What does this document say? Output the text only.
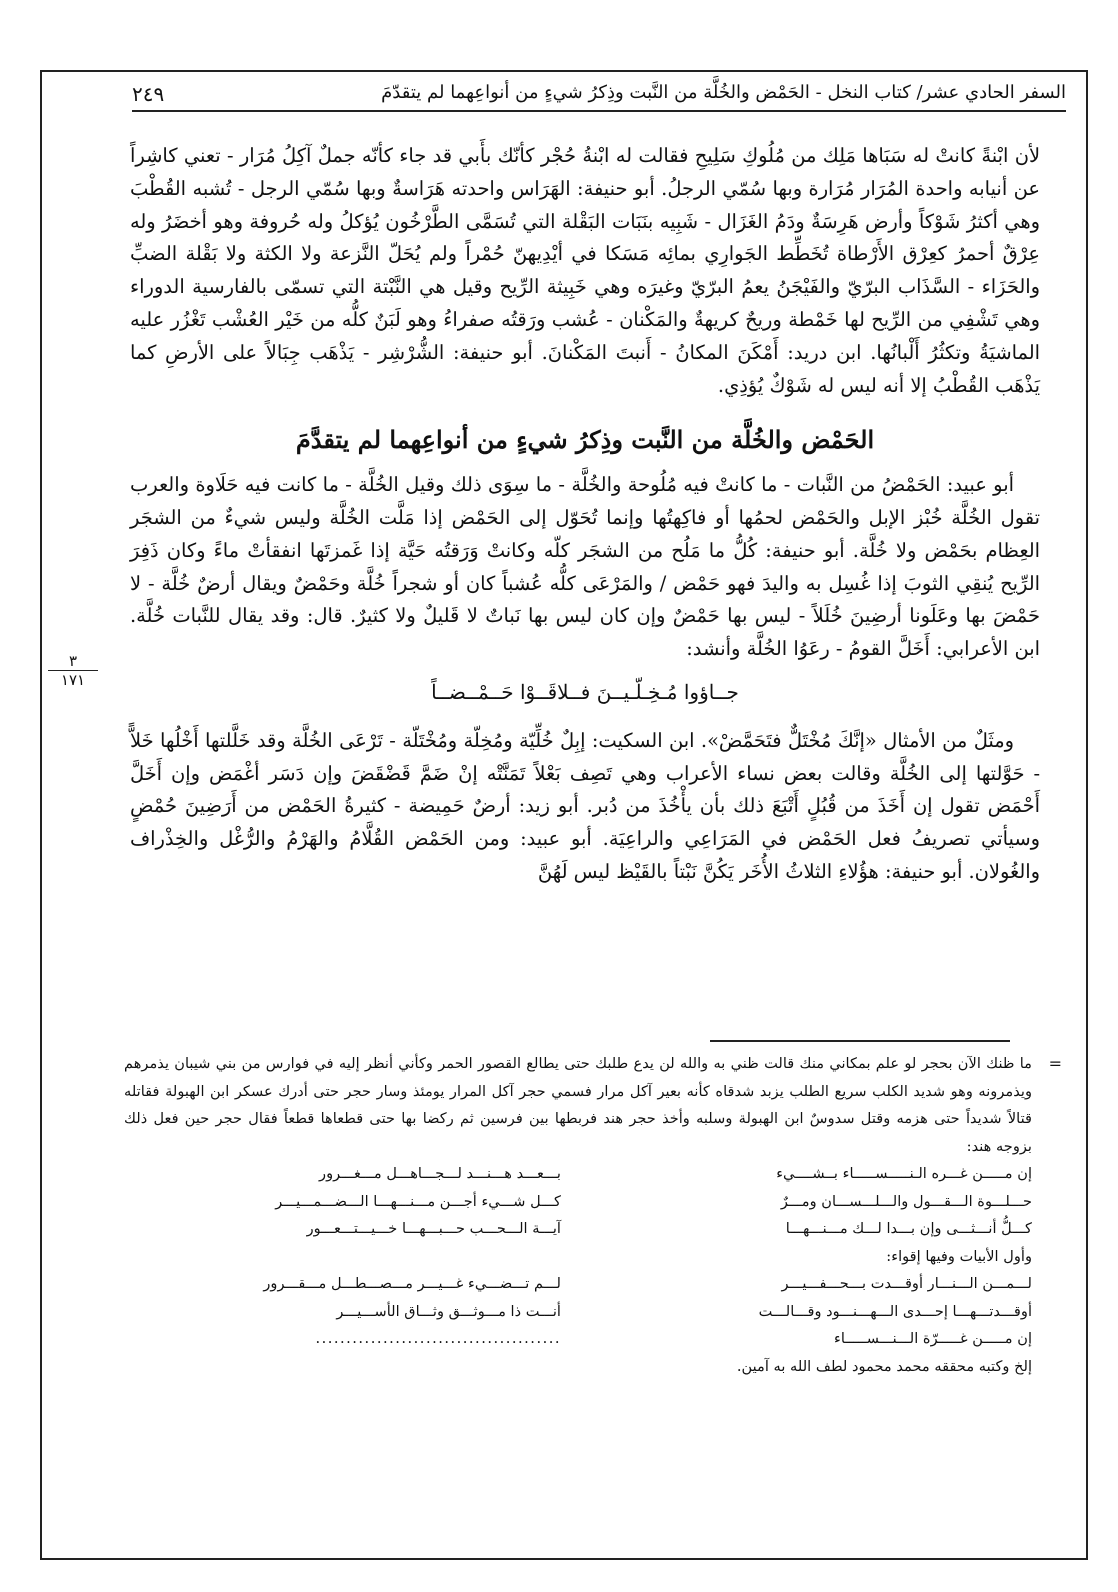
السفر الحادي عشر/ كتاب النخل - الحَمْض والخُلَّة من النَّبت وذِكرُ شيءٍ من أنواعِهما لم يتقدّمَ
٢٤٩
٣
١٧١

لأن ابْنةً كانتْ له سَبَاها مَلِك من مُلُوكِ سَلِيحِ فقالت له ابْنةُ حُجْر كأنّك بأَبي قد جاء كأنّه جملٌ آكِلُ مُرَار - تعني كاشِراً عن أنيابه واحدة المُرَار مُرَارة وبها سُمّي الرجلُ. أبو حنيفة: الهَرَاس واحدته هَرَاسةٌ وبها سُمّي الرجل - تُشبه القُطْبَ وهي أكثرُ شَوْكاً وأرض هَرِسَةٌ ودَمُ الغَزَال - شَبِيه بنَبَات البَقْلة التي تُسَمَّى الطَّرْخُون يُؤكلُ وله حُروفة وهو أخضَرُ وله عِرْقٌ أحمرُ كعِرْق الأَرْطاة تُخَطِّط الجَوارِي بمائِه مَسَكا في أيْدِيهنّ حُمْراً ولم يُحَلّ النَّزعة ولا الكثة ولا بَقْلة الضبِّ والحَزَاء - السَّذَاب البرّيّ والفَيْجَنُ يعمُ البرّيّ وغيرَه وهي خَبِيثة الرِّيح وقيل هي النَّبْتة التي تسمّى بالفارسية الدوراء وهي تَشْفِي من الرِّيح لها خَمْطة وريحٌ كريهةٌ والمَكْنان - عُشب ورَقتُه صفراءُ وهو لَبَنٌ كلُّه من خَيْر العُشْب تَغْزُر عليه الماشيَةُ وتكثُرُ أَلْبانُها. ابن دريد: أَمْكَنَ المكانُ - أَنبتَ المَكْنانَ. أبو حنيفة: الشُّرْشِر - يَذْهَب جِبَالاً على الأرضِ كما يَذْهَب القُطْبُ إلا أنه ليس له شَوْكٌ يُؤذِي.

الحَمْض والخُلَّة من النَّبت وذِكرُ شيءٍ من أنواعِهما لم يتقدَّمَ

أبو عبيد: الحَمْضُ من النَّبات - ما كانتْ فيه مُلُوحة والخُلَّة - ما سِوَى ذلك وقيل الخُلَّة - ما كانت فيه حَلَاوة والعرب تقول الخُلَّة خُبْز الإبل والحَمْض لحمُها أو فاكِهتُها وإنما تُحَوّل إلى الحَمْض إذا مَلَّت الخُلَّة وليس شيءٌ من الشجَر العِظام بحَمْض ولا خُلَّة. أبو حنيفة: كُلُّ ما مَلُح من الشجَر كلّه وكانتْ وَرَقتُه حَيَّة إذا غَمزتَها انفقأتْ ماءً وكان ذَفِرَ الرِّيح يُنقِي الثوبَ إذا غُسِل به واليدَ فهو حَمْض / والمَرْعَى كلُّه عُشباً كان أو شجراً خُلَّة وحَمْضٌ ويقال أرضٌ خُلَّة - لا حَمْضَ بها وعَلَونا أرضِينَ خُلَلاً - ليس بها حَمْضٌ وإن كان ليس بها نَباتٌ لا قَليلٌ ولا كثيرٌ. قال: وقد يقال للنَّبات خُلَّة. ابن الأعرابي: أَخَلَّ القومُ - رعَوُا الخُلَّة وأنشد:

جــاؤوا مُـخِـلّـيــنَ فــلاقَــوْا حَــمْــضــاً

ومثَلٌ من الأمثال «إنَّكَ مُخْتَلٌّ فتَحَمَّضْ». ابن السكيت: إبِلٌ خُلِّيّة ومُخِلّة ومُخْتَلّة - تَرْعَى الخُلَّة وقد خَلَّلتها أَخْلُها خَلاًّ - حَوَّلتها إلى الخُلَّة وقالت بعض نساء الأعراب وهي تَصِف بَعْلاً تَمَنَّتْه إنْ ضَمَّ قَضْقَضَ وإن دَسَر أغْمَض وإن أَخَلَّ أَحْمَض تقول إن أَخَذَ من قُبُلٍ أَتْبَعَ ذلك بأن يأْخُذَ من دُبر. أبو زيد: أرضٌ حَمِيضة - كثيرةُ الحَمْض من أَرَضِينَ حُمْضٍ وسيأتي تصريفُ فعل الحَمْض في المَرَاعِي والراعِيَة. أبو عبيد: ومن الحَمْض القُلَّامُ والهَرْمُ والرُّغْل والخِذْراف والغُولان. أبو حنيفة: هؤُلاءِ الثلاثُ الأُخَر يَكُنَّ نَبْتاً بالقَيْظ ليس لَهُنَّ

=

ما ظنك الآن بحجر لو علم بمكاني منك قالت ظني به والله لن يدع طلبك حتى يطالع القصور الحمر وكأني أنظر إليه في فوارس من بني شيبان يذمرهم ويذمرونه وهو شديد الكلب سريع الطلب يزبد شدقاه كأنه بعير آكل مرار فسمي حجر آكل المرار يومئذ وسار حجر حتى أدرك عسكر ابن الهبولة فقاتله قتالاً شديداً حتى هزمه وقتل سدوسٌ ابن الهبولة وسلبه وأخذ حجر هند فربطها بين فرسين ثم ركضا بها حتى قطعاها قطعاً فقال حجر حين فعل ذلك بزوجه هند:

إن مـــــن غـــره الـنـــــســـــاء بــشــــيء
بـــعـــد هـــنـــد لـــجـــاهـــل مـــغـــرور
حـــلـــوة الـــقـــول والـــلـــســـان ومـــرٌ
كـــل شـــيء أجـــن مـــنـــهـــا الـــضـــمـــيـــر
كـــلُّ أنـــثـــى وإن بـــدا لـــك مـــنـــهـــا
آيـــة الـــحـــب حـــبـــهـــا خـــيـــتـــعـــور

وأول الأبيات وفيها إقواء:

لـــمـــن الـــنـــار أوقـــدت بـــحـــفـــيـــر
لـــم تـــضـــيء غـــيـــر مـــصـــطـــل مـــقـــرور
أوقـــدتـــهـــا إحـــدى الـــهـــنـــود وقـــالـــت
أنـــت ذا مـــوثـــق وثـــاق الأســـيـــر
إن مـــــن غـــــرّة الـــنـــســـــاء
........................................

إلخ وكتبه محققه محمد محمود لطف الله به آمين.
